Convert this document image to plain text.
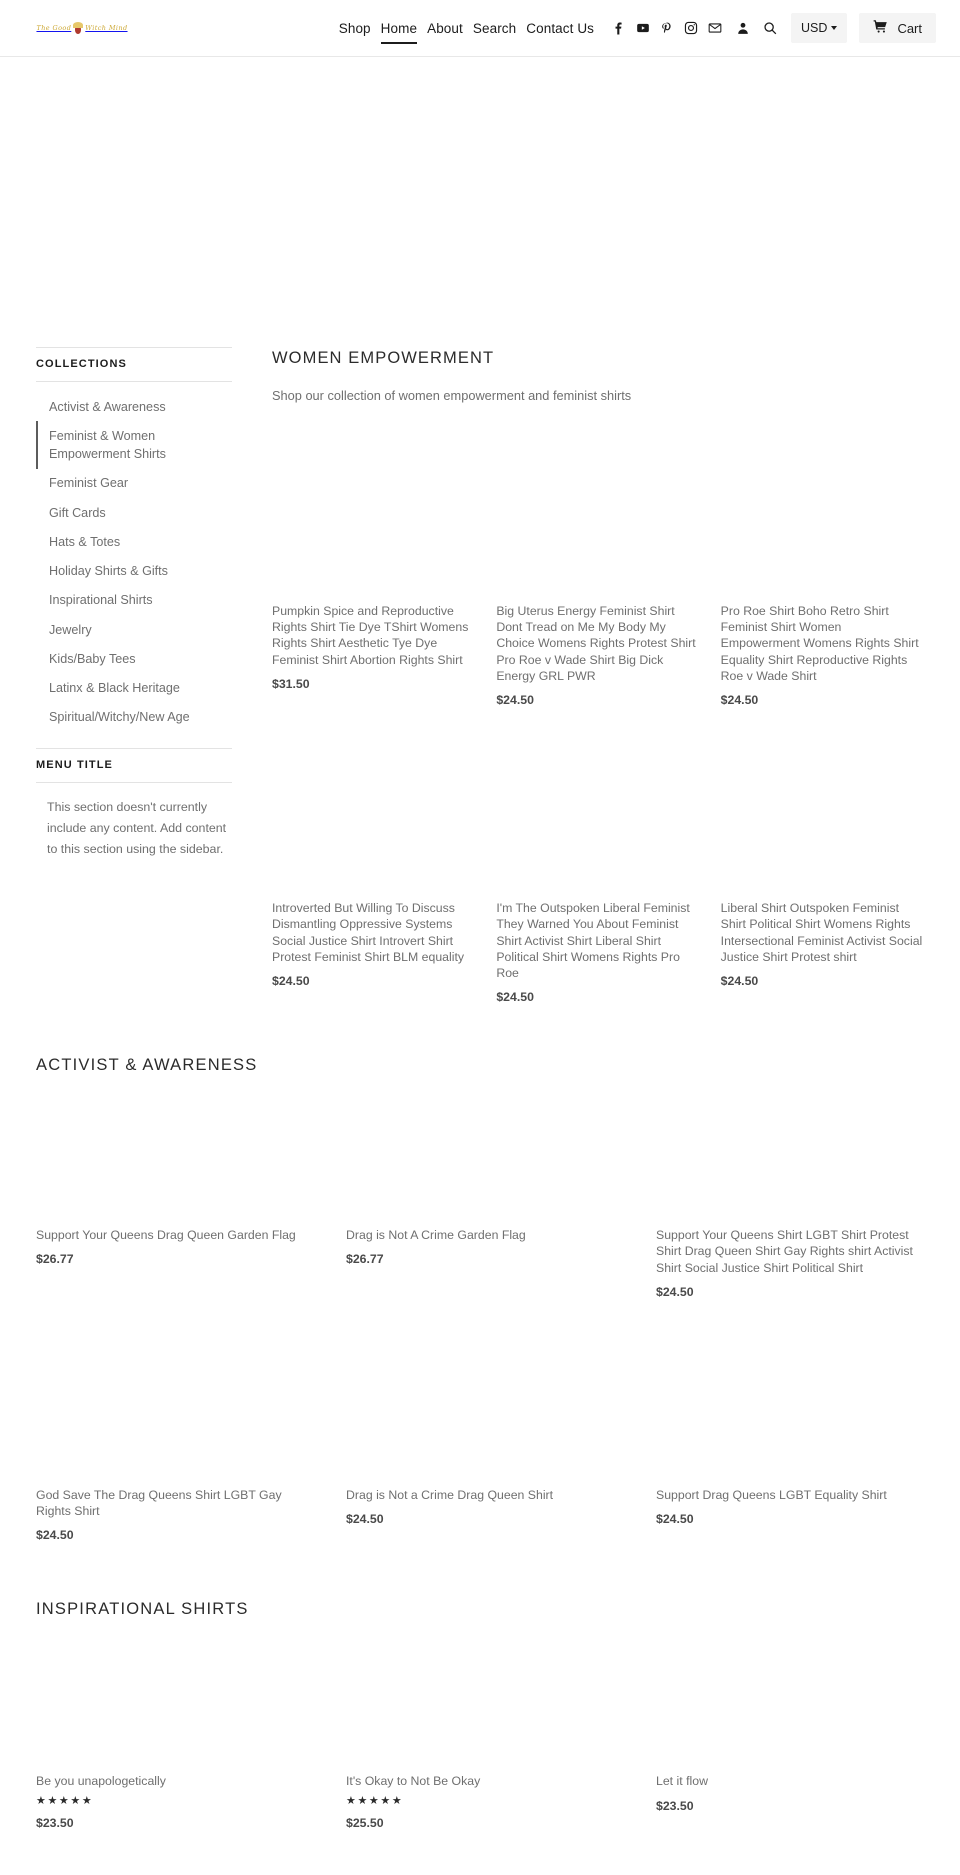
The Good Witch Mind	Shop Home About Search Contact Us	USD	Cart
COLLECTIONS
Activist & Awareness
Feminist & Women Empowerment Shirts
Feminist Gear
Gift Cards
Hats & Totes
Holiday Shirts & Gifts
Inspirational Shirts
Jewelry
Kids/Baby Tees
Latinx & Black Heritage
Spiritual/Witchy/New Age
MENU TITLE

This section doesn't currently include any content. Add content to this section using the sidebar.

WOMEN EMPOWERMENT

Shop our collection of women empowerment and feminist shirts

Pumpkin Spice and Reproductive Rights Shirt Tie Dye TShirt Womens Rights Shirt Aesthetic Tye Dye Feminist Shirt Abortion Rights Shirt
$31.50
Big Uterus Energy Feminist Shirt Dont Tread on Me My Body My Choice Womens Rights Protest Shirt Pro Roe v Wade Shirt Big Dick Energy GRL PWR
$24.50
Pro Roe Shirt Boho Retro Shirt Feminist Shirt Women Empowerment Womens Rights Shirt Equality Shirt Reproductive Rights Roe v Wade Shirt
$24.50
Introverted But Willing To Discuss Dismantling Oppressive Systems Social Justice Shirt Introvert Shirt Protest Feminist Shirt BLM equality
$24.50
I'm The Outspoken Liberal Feminist They Warned You About Feminist Shirt Activist Shirt Liberal Shirt Political Shirt Womens Rights Pro Roe
$24.50
Liberal Shirt Outspoken Feminist Shirt Political Shirt Womens Rights Intersectional Feminist Activist Social Justice Shirt Protest shirt
$24.50
ACTIVIST & AWARENESS
Support Your Queens Drag Queen Garden Flag
$26.77
Drag is Not A Crime Garden Flag
$26.77
Support Your Queens Shirt LGBT Shirt Protest Shirt Drag Queen Shirt Gay Rights shirt Activist Shirt Social Justice Shirt Political Shirt
$24.50
God Save The Drag Queens Shirt LGBT Gay Rights Shirt
$24.50
Drag is Not a Crime Drag Queen Shirt
$24.50
Support Drag Queens LGBT Equality Shirt
$24.50
INSPIRATIONAL SHIRTS
Be you unapologetically
★★★★★
$23.50
It's Okay to Not Be Okay
★★★★★
$25.50
Let it flow
$23.50
